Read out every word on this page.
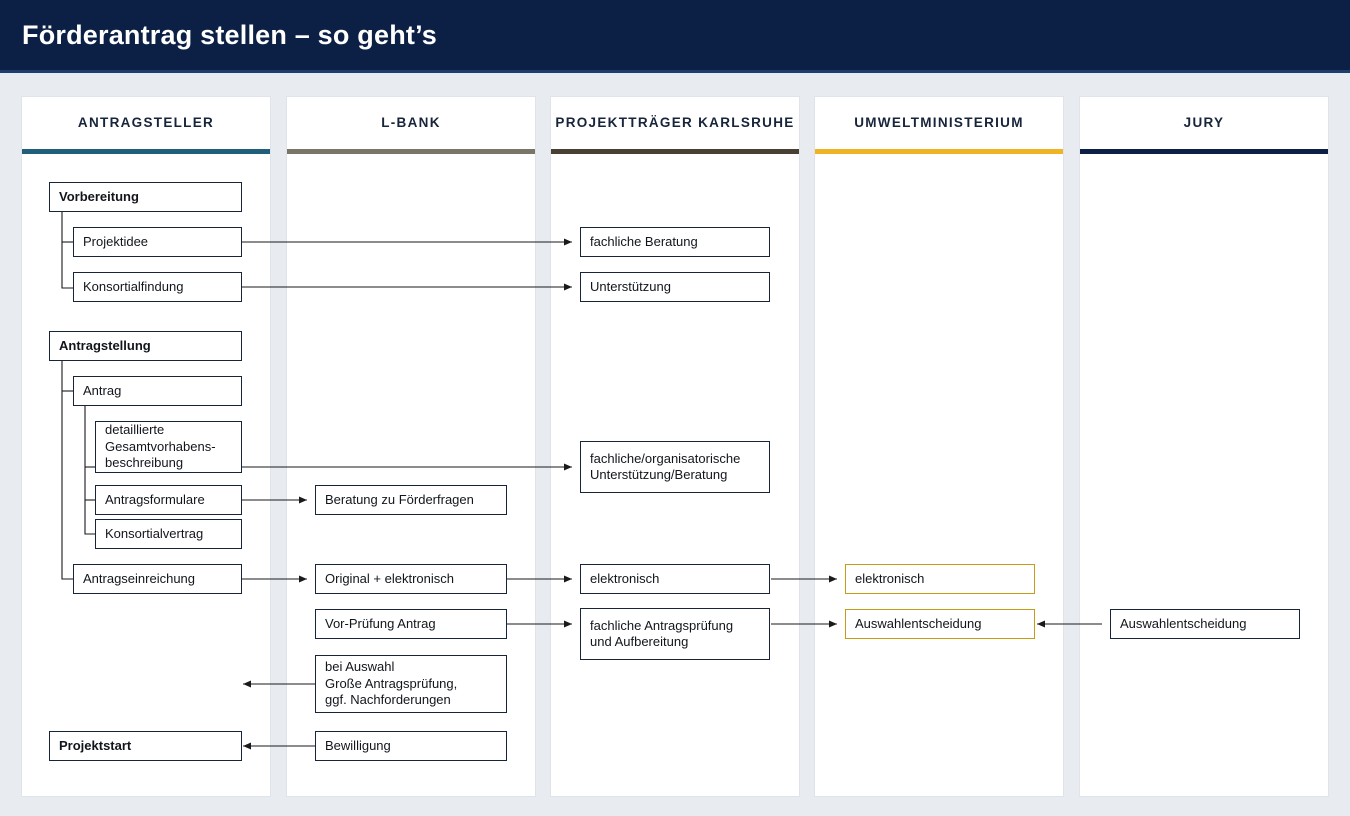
Förderantrag stellen – so geht’s
ANTRAGSTELLER	L-BANK	PROJEKTTRÄGER KARLSRUHE	UMWELTMINISTERIUM	JURY
Vorbereitung
Projektidee
Konsortialfindung
Antragstellung
Antrag
detaillierte
Gesamtvorhabens-
beschreibung
Antragsformulare
Konsortialvertrag
Antragseinreichung
Projektstart
Beratung zu Förderfragen
Original + elektronisch
Vor-Prüfung Antrag
bei Auswahl
Große Antragsprüfung,
ggf. Nachforderungen
Bewilligung
fachliche Beratung
Unterstützung
fachliche/organisatorische
Unterstützung/Beratung
elektronisch
fachliche Antragsprüfung
und Aufbereitung
elektronisch
Auswahlentscheidung	Auswahlentscheidung
